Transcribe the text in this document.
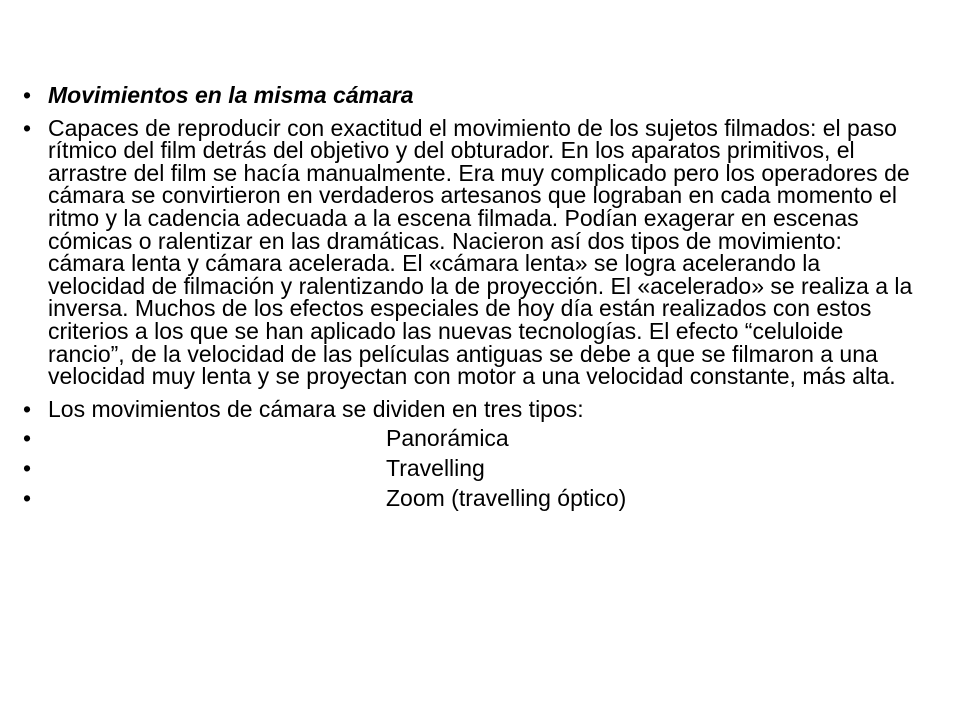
• Movimientos en la misma cámara
• Capaces de reproducir con exactitud el movimiento de los sujetos filmados: el paso rítmico del film detrás del objetivo y del obturador. En los aparatos primitivos, el arrastre del film se hacía manualmente. Era muy complicado pero los operadores de cámara se convirtieron en verdaderos artesanos que lograban en cada momento el ritmo y la cadencia adecuada a la escena filmada. Podían exagerar en escenas cómicas o ralentizar en las dramáticas. Nacieron así dos tipos de movimiento: cámara lenta y cámara acelerada. El «cámara lenta» se logra acelerando la velocidad de filmación y ralentizando la de proyección. El «acelerado» se realiza a la inversa. Muchos de los efectos especiales de hoy día están realizados con estos criterios a los que se han aplicado las nuevas tecnologías. El efecto “celuloide rancio”, de la velocidad de las películas antiguas se debe a que se filmaron a una velocidad muy lenta y se proyectan con motor a una velocidad constante, más alta.
• Los movimientos de cámara se dividen en tres tipos:
•	Panorámica
•	Travelling
•	Zoom (travelling óptico)
